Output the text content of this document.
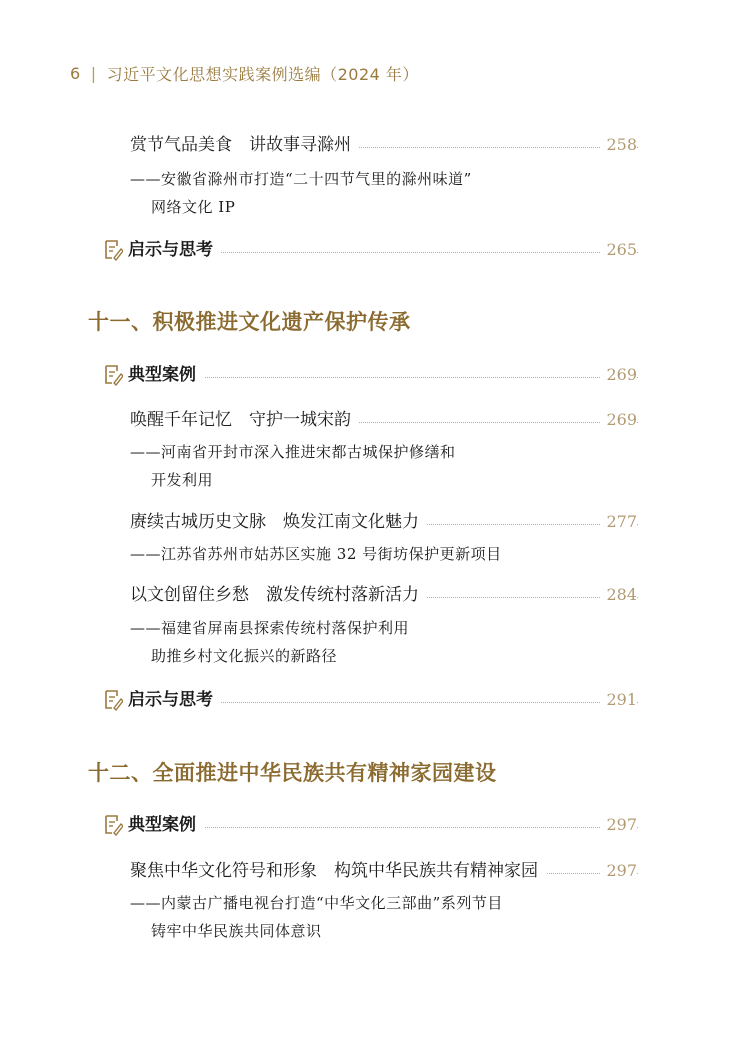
6 | 习近平文化思想实践案例选编（2024 年）
赏节气品美食　讲故事寻滁州	258
——安徽省滁州市打造“二十四节气里的滁州味道”
网络文化 IP
启示与思考	265
十一、积极推进文化遗产保护传承
典型案例	269
唤醒千年记忆　守护一城宋韵	269
——河南省开封市深入推进宋都古城保护修缮和
开发利用
赓续古城历史文脉　焕发江南文化魅力	277
——江苏省苏州市姑苏区实施 32 号街坊保护更新项目
以文创留住乡愁　激发传统村落新活力	284
——福建省屏南县探索传统村落保护利用
助推乡村文化振兴的新路径
启示与思考	291
十二、全面推进中华民族共有精神家园建设
典型案例	297
聚焦中华文化符号和形象　构筑中华民族共有精神家园	297
——内蒙古广播电视台打造“中华文化三部曲”系列节目
铸牢中华民族共同体意识
